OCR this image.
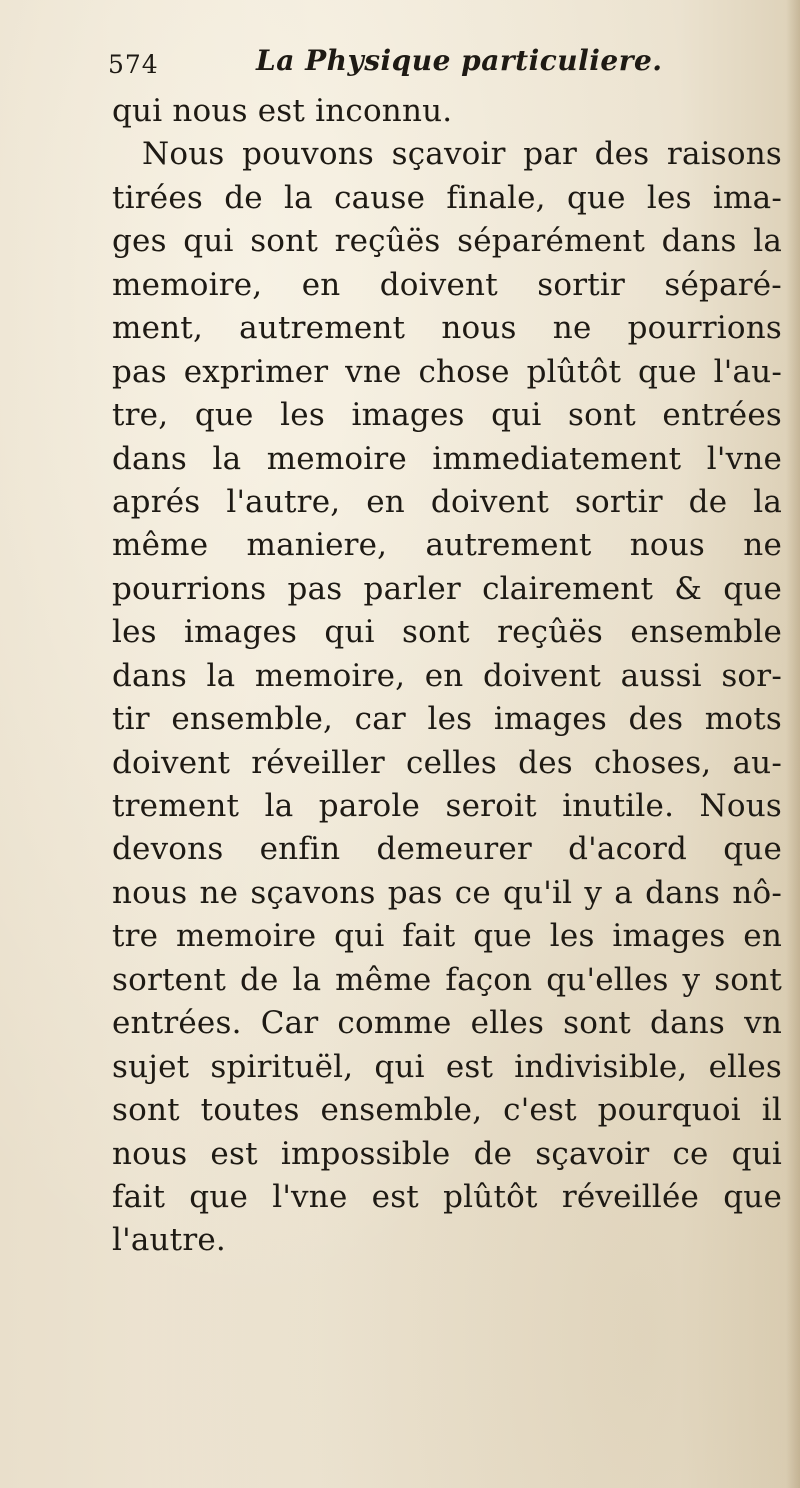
574	La Physique particuliere.
qui nous est inconnu.
Nous pouvons sçavoir par des raisons
tirées de la cause finale, que les ima-
ges qui sont reçûës séparément dans la
memoire, en doivent sortir séparé-
ment, autrement nous ne pourrions
pas exprimer vne chose plûtôt que l'au-
tre, que les images qui sont entrées
dans la memoire immediatement l'vne
aprés l'autre, en doivent sortir de la
même maniere, autrement nous ne
pourrions pas parler clairement & que
les images qui sont reçûës ensemble
dans la memoire, en doivent aussi sor-
tir ensemble, car les images des mots
doivent réveiller celles des choses, au-
trement la parole seroit inutile. Nous
devons enfin demeurer d'acord que
nous ne sçavons pas ce qu'il y a dans nô-
tre memoire qui fait que les images en
sortent de la même façon qu'elles y sont
entrées. Car comme elles sont dans vn
sujet spirituël, qui est indivisible, elles
sont toutes ensemble, c'est pourquoi il
nous est impossible de sçavoir ce qui
fait que l'vne est plûtôt réveillée que
l'autre.
